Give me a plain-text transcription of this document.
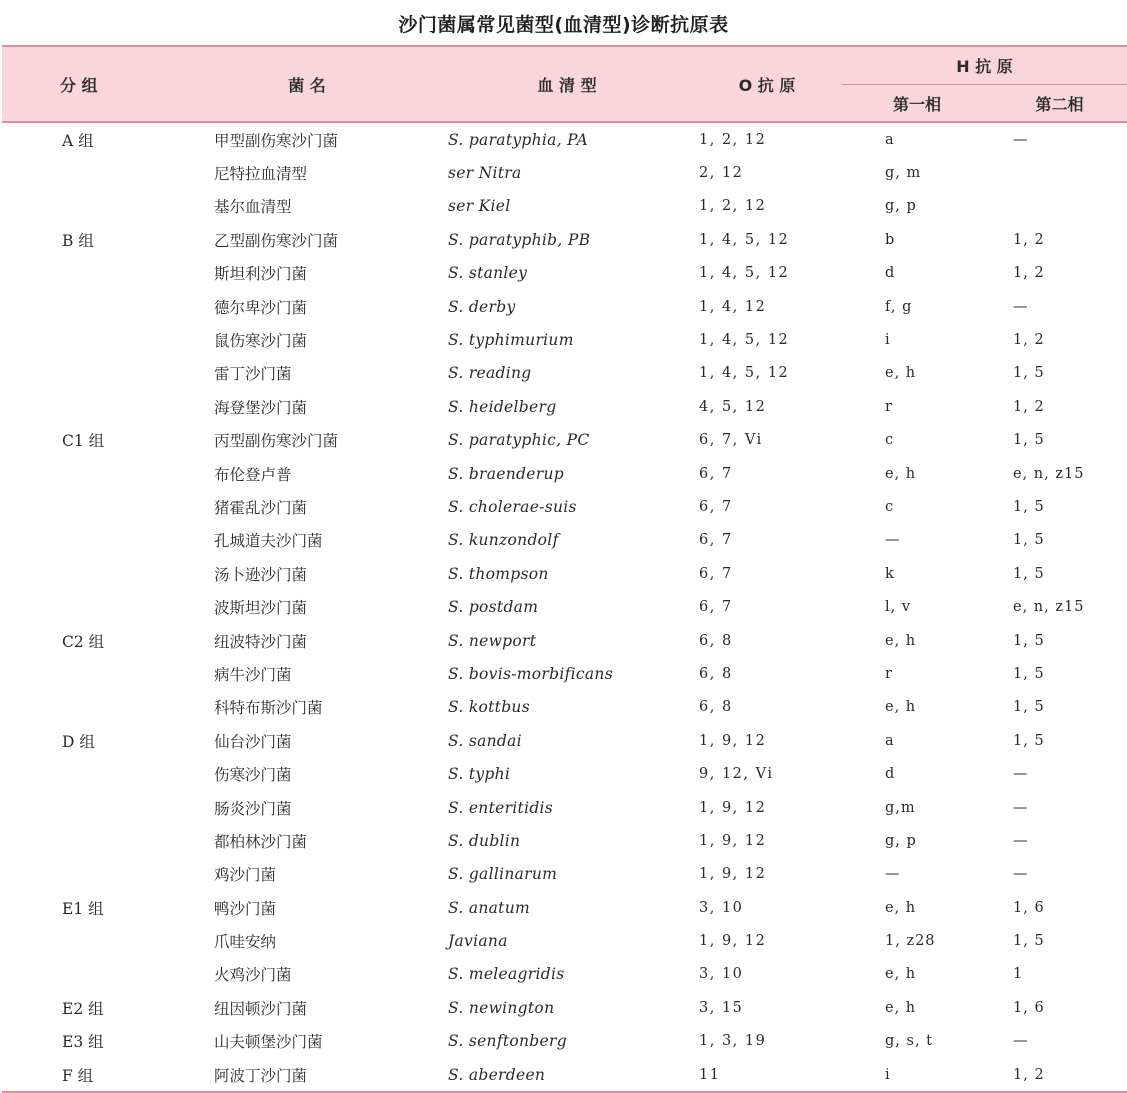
沙门菌属常见菌型(血清型)诊断抗原表
分 组	菌 名	血 清 型	O 抗 原	H 抗 原	
				第一相	第二相
A 组	甲型副伤寒沙门菌	S. paratyphia, PA	1, 2, 12	a	—
	尼特拉血清型	ser Nitra	2, 12	g, m	
	基尔血清型	ser Kiel	1, 2, 12	g, p	
B 组	乙型副伤寒沙门菌	S. paratyphib, PB	1, 4, 5, 12	b	1, 2
	斯坦利沙门菌	S. stanley	1, 4, 5, 12	d	1, 2
	德尔卑沙门菌	S. derby	1, 4, 12	f, g	—
	鼠伤寒沙门菌	S. typhimurium	1, 4, 5, 12	i	1, 2
	雷丁沙门菌	S. reading	1, 4, 5, 12	e, h	1, 5
	海登堡沙门菌	S. heidelberg	4, 5, 12	r	1, 2
C1 组	丙型副伤寒沙门菌	S. paratyphic, PC	6, 7, Vi	c	1, 5
	布伦登卢普	S. braenderup	6, 7	e, h	e, n, z15
	猪霍乱沙门菌	S. cholerae-suis	6, 7	c	1, 5
	孔城道夫沙门菌	S. kunzondolf	6, 7	—	1, 5
	汤卜逊沙门菌	S. thompson	6, 7	k	1, 5
	波斯坦沙门菌	S. postdam	6, 7	l, v	e, n, z15
C2 组	纽波特沙门菌	S. newport	6, 8	e, h	1, 5
	病牛沙门菌	S. bovis-morbificans	6, 8	r	1, 5
	科特布斯沙门菌	S. kottbus	6, 8	e, h	1, 5
D 组	仙台沙门菌	S. sandai	1, 9, 12	a	1, 5
	伤寒沙门菌	S. typhi	9, 12, Vi	d	—
	肠炎沙门菌	S. enteritidis	1, 9, 12	g,m	—
	都柏林沙门菌	S. dublin	1, 9, 12	g, p	—
	鸡沙门菌	S. gallinarum	1, 9, 12	—	—
E1 组	鸭沙门菌	S. anatum	3, 10	e, h	1, 6
	爪哇安纳	Javiana	1, 9, 12	1, z28	1, 5
	火鸡沙门菌	S. meleagridis	3, 10	e, h	1
E2 组	纽因顿沙门菌	S. newington	3, 15	e, h	1, 6
E3 组	山夫顿堡沙门菌	S. senftonberg	1, 3, 19	g, s, t	—
F 组	阿波丁沙门菌	S. aberdeen	11	i	1, 2
